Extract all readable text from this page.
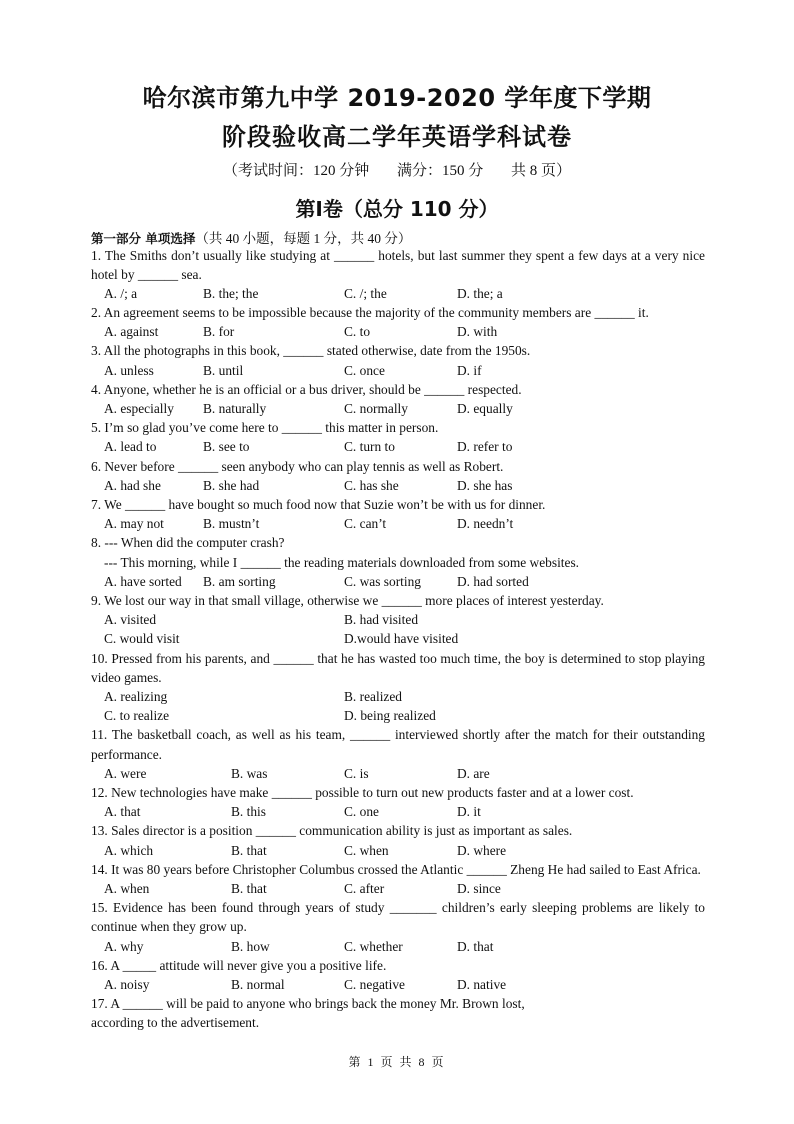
哈尔滨市第九中学 2019-2020 学年度下学期
阶段验收高二学年英语学科试卷
（考试时间：120 分钟 满分：150 分 共 8 页）
第Ⅰ卷（总分 110 分）
第一部分 单项选择（共 40 小题，每题 1 分，共 40 分）
1. The Smiths don’t usually like studying at ______ hotels, but last summer they spent a few days at a very nice hotel by ______ sea.
A. /; a	B. the; the	C. /; the	D. the; a
2. An agreement seems to be impossible because the majority of the community members are ______ it.
A. against	B. for	C. to	D. with
3. All the photographs in this book, ______ stated otherwise, date from the 1950s.
A. unless	B. until	C. once	D. if
4. Anyone, whether he is an official or a bus driver, should be ______ respected.
A. especially B. naturally	C. normally	D. equally
5. I’m so glad you’ve come here to ______ this matter in person.
A. lead to	B. see to	C. turn to	D. refer to
6. Never before ______ seen anybody who can play tennis as well as Robert.
A. had she	B. she had	C. has she	D. she has
7. We ______ have bought so much food now that Suzie won’t be with us for dinner.
A. may not	B. mustn’t	C. can’t	D. needn’t
8. --- When did the computer crash?
--- This morning, while I ______ the reading materials downloaded from some websites.
A. have sorted B. am sorting	C. was sorting	D. had sorted
9. We lost our way in that small village, otherwise we ______ more places of interest yesterday.
A. visited	B. had visited
C. would visit	D.would have visited
10. Pressed from his parents, and ______ that he has wasted too much time, the boy is determined to stop playing video games.
A. realizing	B. realized
C. to realize	D. being realized
11. The basketball coach, as well as his team, ______ interviewed shortly after the match for their outstanding performance.
A. were	B. was	C. is	D. are
12. New technologies have make ______ possible to turn out new products faster and at a lower cost.
A. that	B. this	C. one	D. it
13. Sales director is a position ______ communication ability is just as important as sales.
A. which	B. that	C. when	D. where
14. It was 80 years before Christopher Columbus crossed the Atlantic ______ Zheng He had sailed to East Africa.
A. when	B. that	C. after	D. since
15. Evidence has been found through years of study _______ children’s early sleeping problems are likely to continue when they grow up.
A. why	B. how	C. whether	D. that
16. A _____ attitude will never give you a positive life.
A. noisy	B. normal	C. negative	D. native
17. A ______ will be paid to anyone who brings back the money Mr. Brown lost,
according to the advertisement.
第 1 页 共 8 页
